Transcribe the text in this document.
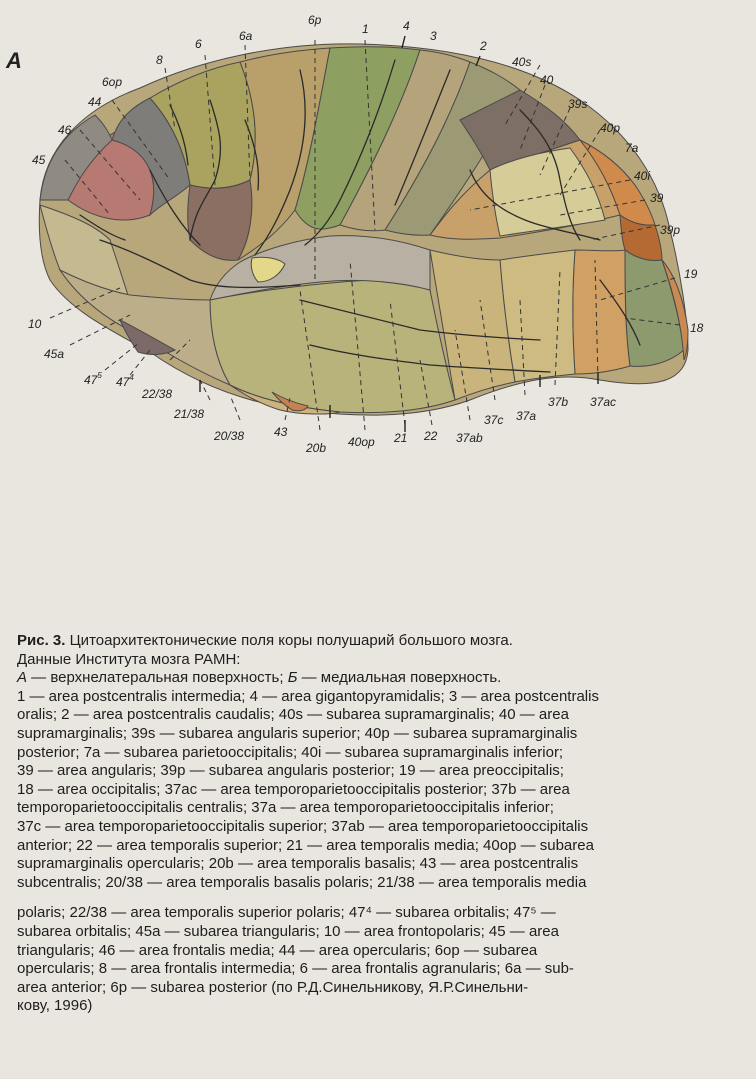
A
6p
1	4
3
6a
6	2
8	40s
6op	40
44	39s
46	40p
45
7a
40i
39
39p
19
10	18
45a
$47^5$ $47^4$
22/38
21/38
20/38 43
20b 40op 21 22 37ab
37c 37a
37b 37ac
Рис. 3. Цитоархитектонические поля коры полушарий большого мозга.
Данные Института мозга РАМН:
А — верхнелатеральная поверхность; Б — медиальная поверхность.
1 — area postcentralis intermedia; 4 — area gigantopyramidalis; 3 — area postcentralis
oralis; 2 — area postcentralis caudalis; 40s — subarea supramarginalis; 40 — area
supramarginalis; 39s — subarea angularis superior; 40p — subarea supramarginalis
posterior; 7a — subarea parietooccipitalis; 40i — subarea supramarginalis inferior;
39 — area angularis; 39p — subarea angularis posterior; 19 — area preoccipitalis;
18 — area occipitalis; 37ac — area temporoparietooccipitalis posterior; 37b — area
temporoparietooccipitalis centralis; 37a — area temporoparietooccipitalis inferior;
37c — area temporoparietooccipitalis superior; 37ab — area temporoparietooccipitalis
anterior; 22 — area temporalis superior; 21 — area temporalis media; 40op — subarea
supramarginalis opercularis; 20b — area temporalis basalis; 43 — area postcentralis
subcentralis; 20/38 — area temporalis basalis polaris; 21/38 — area temporalis media
polaris; 22/38 — area temporalis superior polaris; 47⁴ — subarea orbitalis; 47⁵ —
subarea orbitalis; 45a — subarea triangularis; 10 — area frontopolaris; 45 — area
triangularis; 46 — area frontalis media; 44 — area opercularis; 6op — subarea
opercularis; 8 — area frontalis intermedia; 6 — area frontalis agranularis; 6a — sub-
area anterior; 6p — subarea posterior (по Р.Д.Синельникову, Я.Р.Синельни-
кову, 1996)
